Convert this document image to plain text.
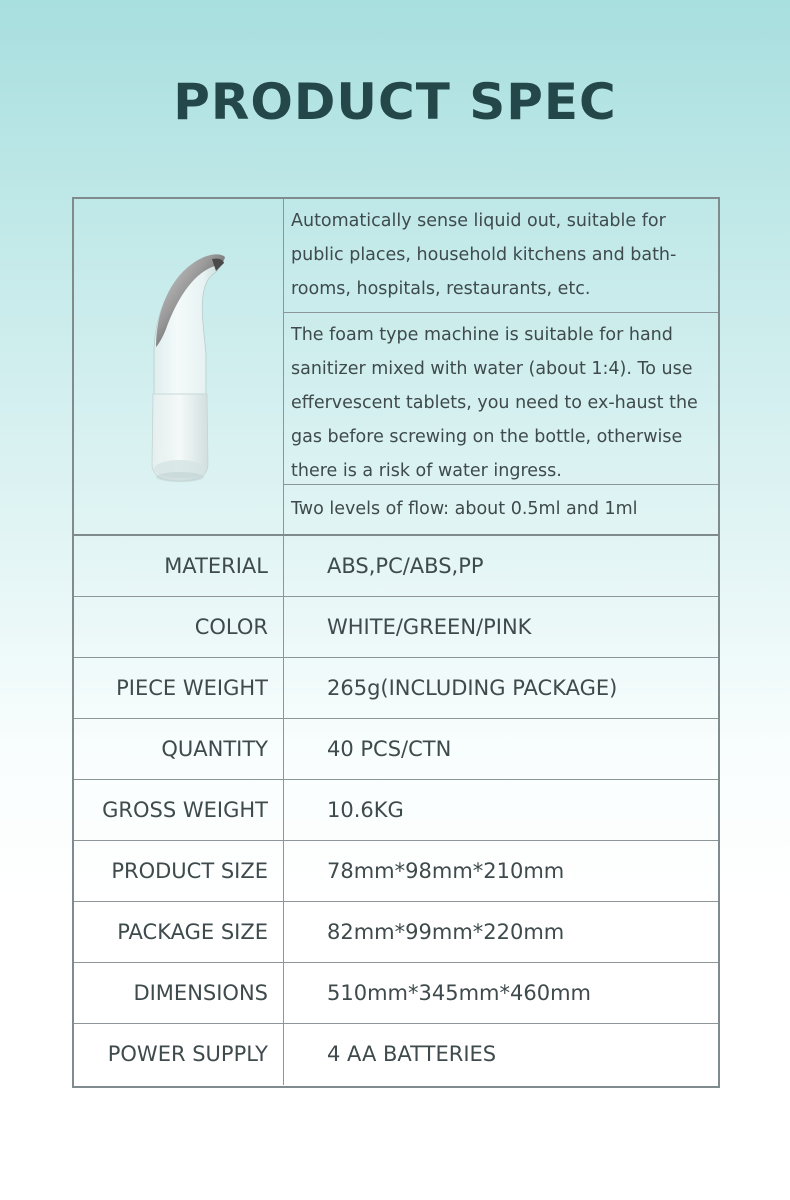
PRODUCT SPEC
Automatically sense liquid out, suitable for public places, household kitchens and bath-rooms, hospitals, restaurants, etc.
The foam type machine is suitable for hand sanitizer mixed with water (about 1:4). To use effervescent tablets, you need to ex-haust the gas before screwing on the bottle, otherwise there is a risk of water ingress.
Two levels of flow: about 0.5ml and 1ml
MATERIAL	ABS,PC/ABS,PP
COLOR	WHITE/GREEN/PINK
PIECE WEIGHT	265g(INCLUDING PACKAGE)
QUANTITY	40 PCS/CTN
GROSS WEIGHT	10.6KG
PRODUCT SIZE	78mm*98mm*210mm
PACKAGE SIZE	82mm*99mm*220mm
DIMENSIONS	510mm*345mm*460mm
POWER SUPPLY	4 AA BATTERIES
